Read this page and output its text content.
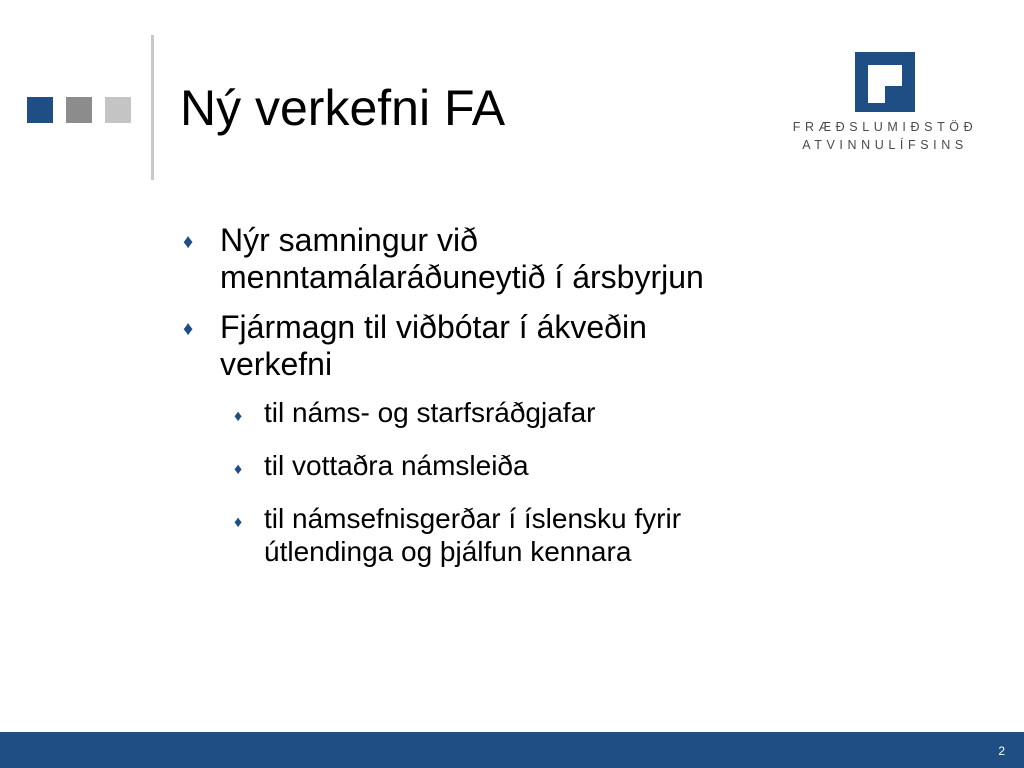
Ný verkefni FA	FRÆÐSLUMIÐSTÖÐ
ATVINNULÍFSINS
♦ Nýr samningur við
menntamálaráðuneytið í ársbyrjun
♦ Fjármagn til viðbótar í ákveðin
verkefni
♦ til náms- og starfsráðgjafar
♦ til vottaðra námsleiða
♦ til námsefnisgerðar í íslensku fyrir
útlendinga og þjálfun kennara
2
